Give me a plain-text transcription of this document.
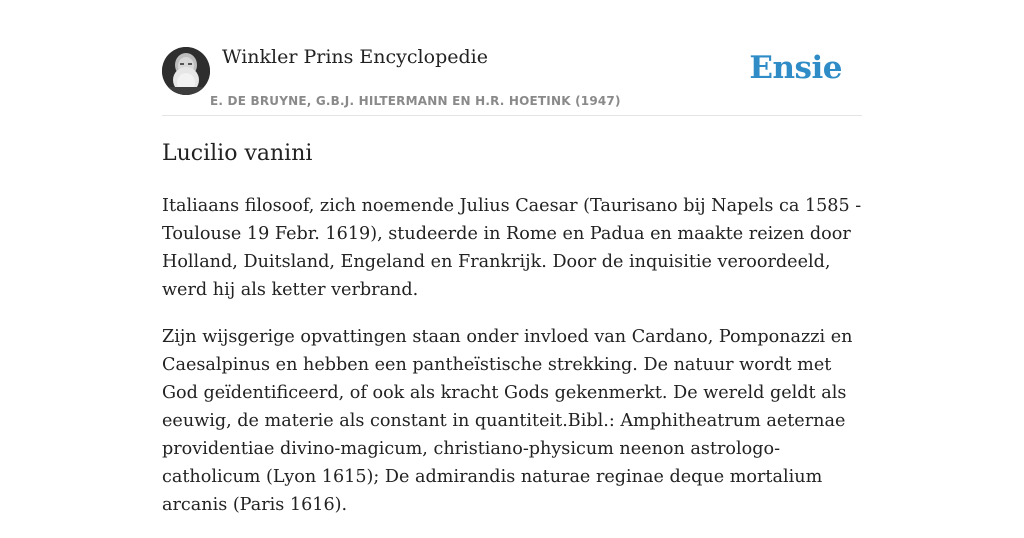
Winkler Prins Encyclopedie
E. DE BRUYNE, G.B.J. HILTERMANN EN H.R. HOETINK (1947)
Ensie
Lucilio vanini

Italiaans filosoof, zich noemende Julius Caesar (Taurisano bij Napels ca 1585 - Toulouse 19 Febr. 1619), studeerde in Rome en Padua en maakte reizen door Holland, Duitsland, Engeland en Frankrijk. Door de inquisitie veroordeeld, werd hij als ketter verbrand.

Zijn wijsgerige opvattingen staan onder invloed van Cardano, Pomponazzi en Caesalpinus en hebben een pantheïstische strekking. De natuur wordt met God geïdentificeerd, of ook als kracht Gods gekenmerkt. De wereld geldt als eeuwig, de materie als constant in quantiteit.Bibl.: Amphitheatrum aeternae providentiae divino-magicum, christiano-physicum neenon astrologo-catholicum (Lyon 1615); De admirandis naturae reginae deque mortalium arcanis (Paris 1616).
